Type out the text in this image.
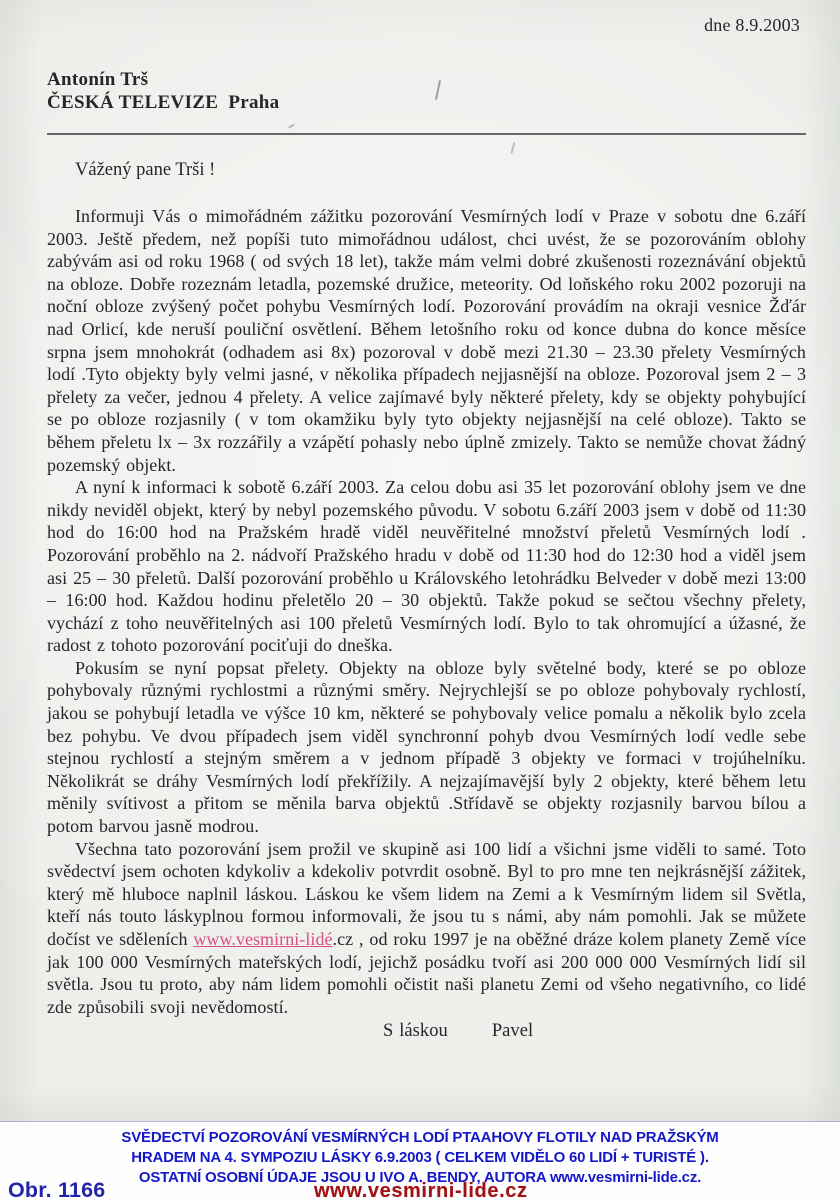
dne 8.9.2003
Antonín Trš
ČESKÁ TELEVIZE  Praha
Vážený pane Trši !

Informuji Vás o mimořádném zážitku pozorování Vesmírných lodí v Praze v sobotu dne 6.září 2003. Ještě předem, než popíši tuto mimořádnou událost, chci uvést, že se pozorováním oblohy zabývám asi od roku 1968 ( od svých 18 let), takže mám velmi dobré zkušenosti rozeznávání objektů na obloze. Dobře rozeznám letadla, pozemské družice, meteority. Od loňského roku 2002 pozoruji na noční obloze zvýšený počet pohybu Vesmírných lodí. Pozorování provádím na okraji vesnice Žďár nad Orlicí, kde neruší pouliční osvětlení. Během letošního roku od konce dubna do konce měsíce srpna jsem mnohokrát (odhadem asi 8x) pozoroval v době mezi 21.30 – 23.30 přelety Vesmírných lodí .Tyto objekty byly velmi jasné, v několika případech nejjasnější na obloze. Pozoroval jsem 2 – 3 přelety za večer, jednou 4 přelety. A velice zajímavé byly některé přelety, kdy se objekty pohybující se po obloze rozjasnily ( v tom okamžiku byly tyto objekty nejjasnější na celé obloze). Takto se během přeletu lx – 3x rozzářily a vzápětí pohasly nebo úplně zmizely. Takto se nemůže chovat žádný pozemský objekt.

A nyní k informaci k sobotě 6.září 2003. Za celou dobu asi 35 let pozorování oblohy jsem ve dne nikdy neviděl objekt, který by nebyl pozemského původu. V sobotu 6.září 2003 jsem v době od 11:30 hod do 16:00 hod na Pražském hradě viděl neuvěřitelné množství přeletů Vesmírných lodí . Pozorování proběhlo na 2. nádvoří Pražského hradu v době od 11:30 hod do 12:30 hod a viděl jsem asi 25 – 30 přeletů. Další pozorování proběhlo u Královského letohrádku Belveder v době mezi 13:00 – 16:00 hod. Každou hodinu přeletělo 20 – 30 objektů. Takže pokud se sečtou všechny přelety, vychází z toho neuvěřitelných asi 100 přeletů Vesmírných lodí. Bylo to tak ohromující a úžasné, že radost z tohoto pozorování pociťuji do dneška.

Pokusím se nyní popsat přelety. Objekty na obloze byly světelné body, které se po obloze pohybovaly různými rychlostmi a různými směry. Nejrychlejší se po obloze pohybovaly rychlostí, jakou se pohybují letadla ve výšce 10 km, některé se pohybovaly velice pomalu a několik bylo zcela bez pohybu. Ve dvou případech jsem viděl synchronní pohyb dvou Vesmírných lodí vedle sebe stejnou rychlostí a stejným směrem a v jednom případě 3 objekty ve formaci v trojúhelníku. Několikrát se dráhy Vesmírných lodí překřížily. A nejzajímavější byly 2 objekty, které během letu měnily svítivost a přitom se měnila barva objektů .Střídavě se objekty rozjasnily barvou bílou a potom barvou jasně modrou.

Všechna tato pozorování jsem prožil ve skupině asi 100 lidí a všichni jsme viděli to samé. Toto svědectví jsem ochoten kdykoliv a kdekoliv potvrdit osobně. Byl to pro mne ten nejkrásnější zážitek, který mě hluboce naplnil láskou. Láskou ke všem lidem na Zemi a k Vesmírným lidem sil Světla, kteří nás touto láskyplnou formou informovali, že jsou tu s námi, aby nám pomohli. Jak se můžete dočíst ve sděleních www.vesmirni-lidé.cz , od roku 1997 je na oběžné dráze kolem planety Země více jak 100 000 Vesmírných mateřských lodí, jejichž posádku tvoří asi 200 000 000 Vesmírných lidí sil světla. Jsou tu proto, aby nám lidem pomohli očistit naši planetu Zemi od všeho negativního, co lidé zde způsobili svoji nevědomostí.

S láskou Pavel
SVĚDECTVÍ POZOROVÁNÍ VESMÍRNÝCH LODÍ PTAAHOVY FLOTILY NAD PRAŽSKÝM
HRADEM NA 4. SYMPOZIU LÁSKY 6.9.2003 ( CELKEM VIDĚLO 60 LIDÍ + TURISTÉ ).
OSTATNÍ OSOBNÍ ÚDAJE JSOU U IVO A. BENDY, AUTORA www.vesmirni-lide.cz.
Obr. 1166	www.vesmirni-lide.cz
